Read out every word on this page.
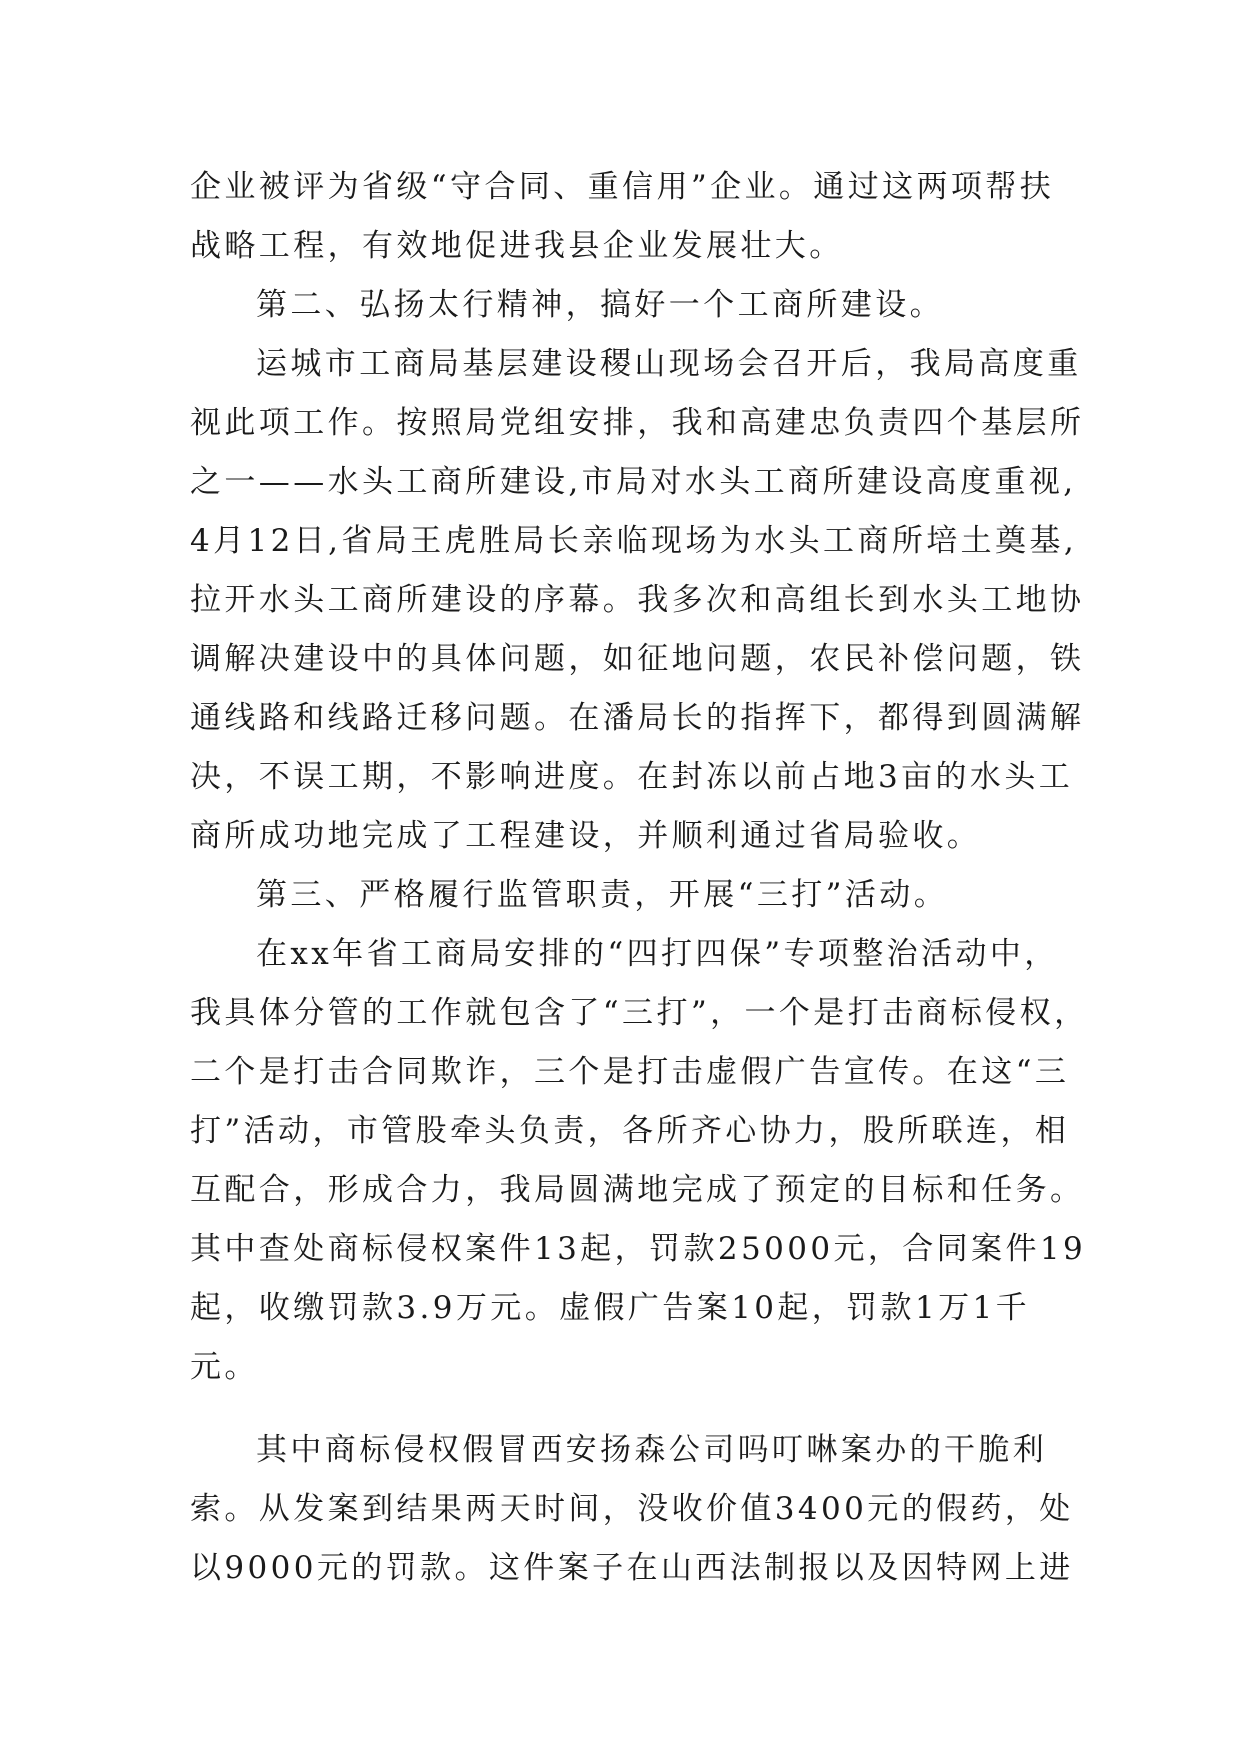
企业被评为省级“守合同、重信用”企业。通过这两项帮扶
战略工程，有效地促进我县企业发展壮大。
第二、弘扬太行精神，搞好一个工商所建设。
运城市工商局基层建设稷山现场会召开后，我局高度重
视此项工作。按照局党组安排，我和高建忠负责四个基层所
之一——水头工商所建设,市局对水头工商所建设高度重视,
4月12日,省局王虎胜局长亲临现场为水头工商所培土奠基,
拉开水头工商所建设的序幕。我多次和高组长到水头工地协
调解决建设中的具体问题，如征地问题，农民补偿问题，铁
通线路和线路迁移问题。在潘局长的指挥下，都得到圆满解
决，不误工期，不影响进度。在封冻以前占地3亩的水头工
商所成功地完成了工程建设，并顺利通过省局验收。
第三、严格履行监管职责，开展“三打”活动。
在xx年省工商局安排的“四打四保”专项整治活动中，
我具体分管的工作就包含了“三打”，一个是打击商标侵权，
二个是打击合同欺诈，三个是打击虚假广告宣传。在这“三
打”活动，市管股牵头负责，各所齐心协力，股所联连，相
互配合，形成合力，我局圆满地完成了预定的目标和任务。
其中查处商标侵权案件13起，罚款25000元，合同案件19
起，收缴罚款3.9万元。虚假广告案10起，罚款1万1千
元。
其中商标侵权假冒西安扬森公司吗叮啉案办的干脆利
索。从发案到结果两天时间，没收价值3400元的假药，处
以9000元的罚款。这件案子在山西法制报以及因特网上进
